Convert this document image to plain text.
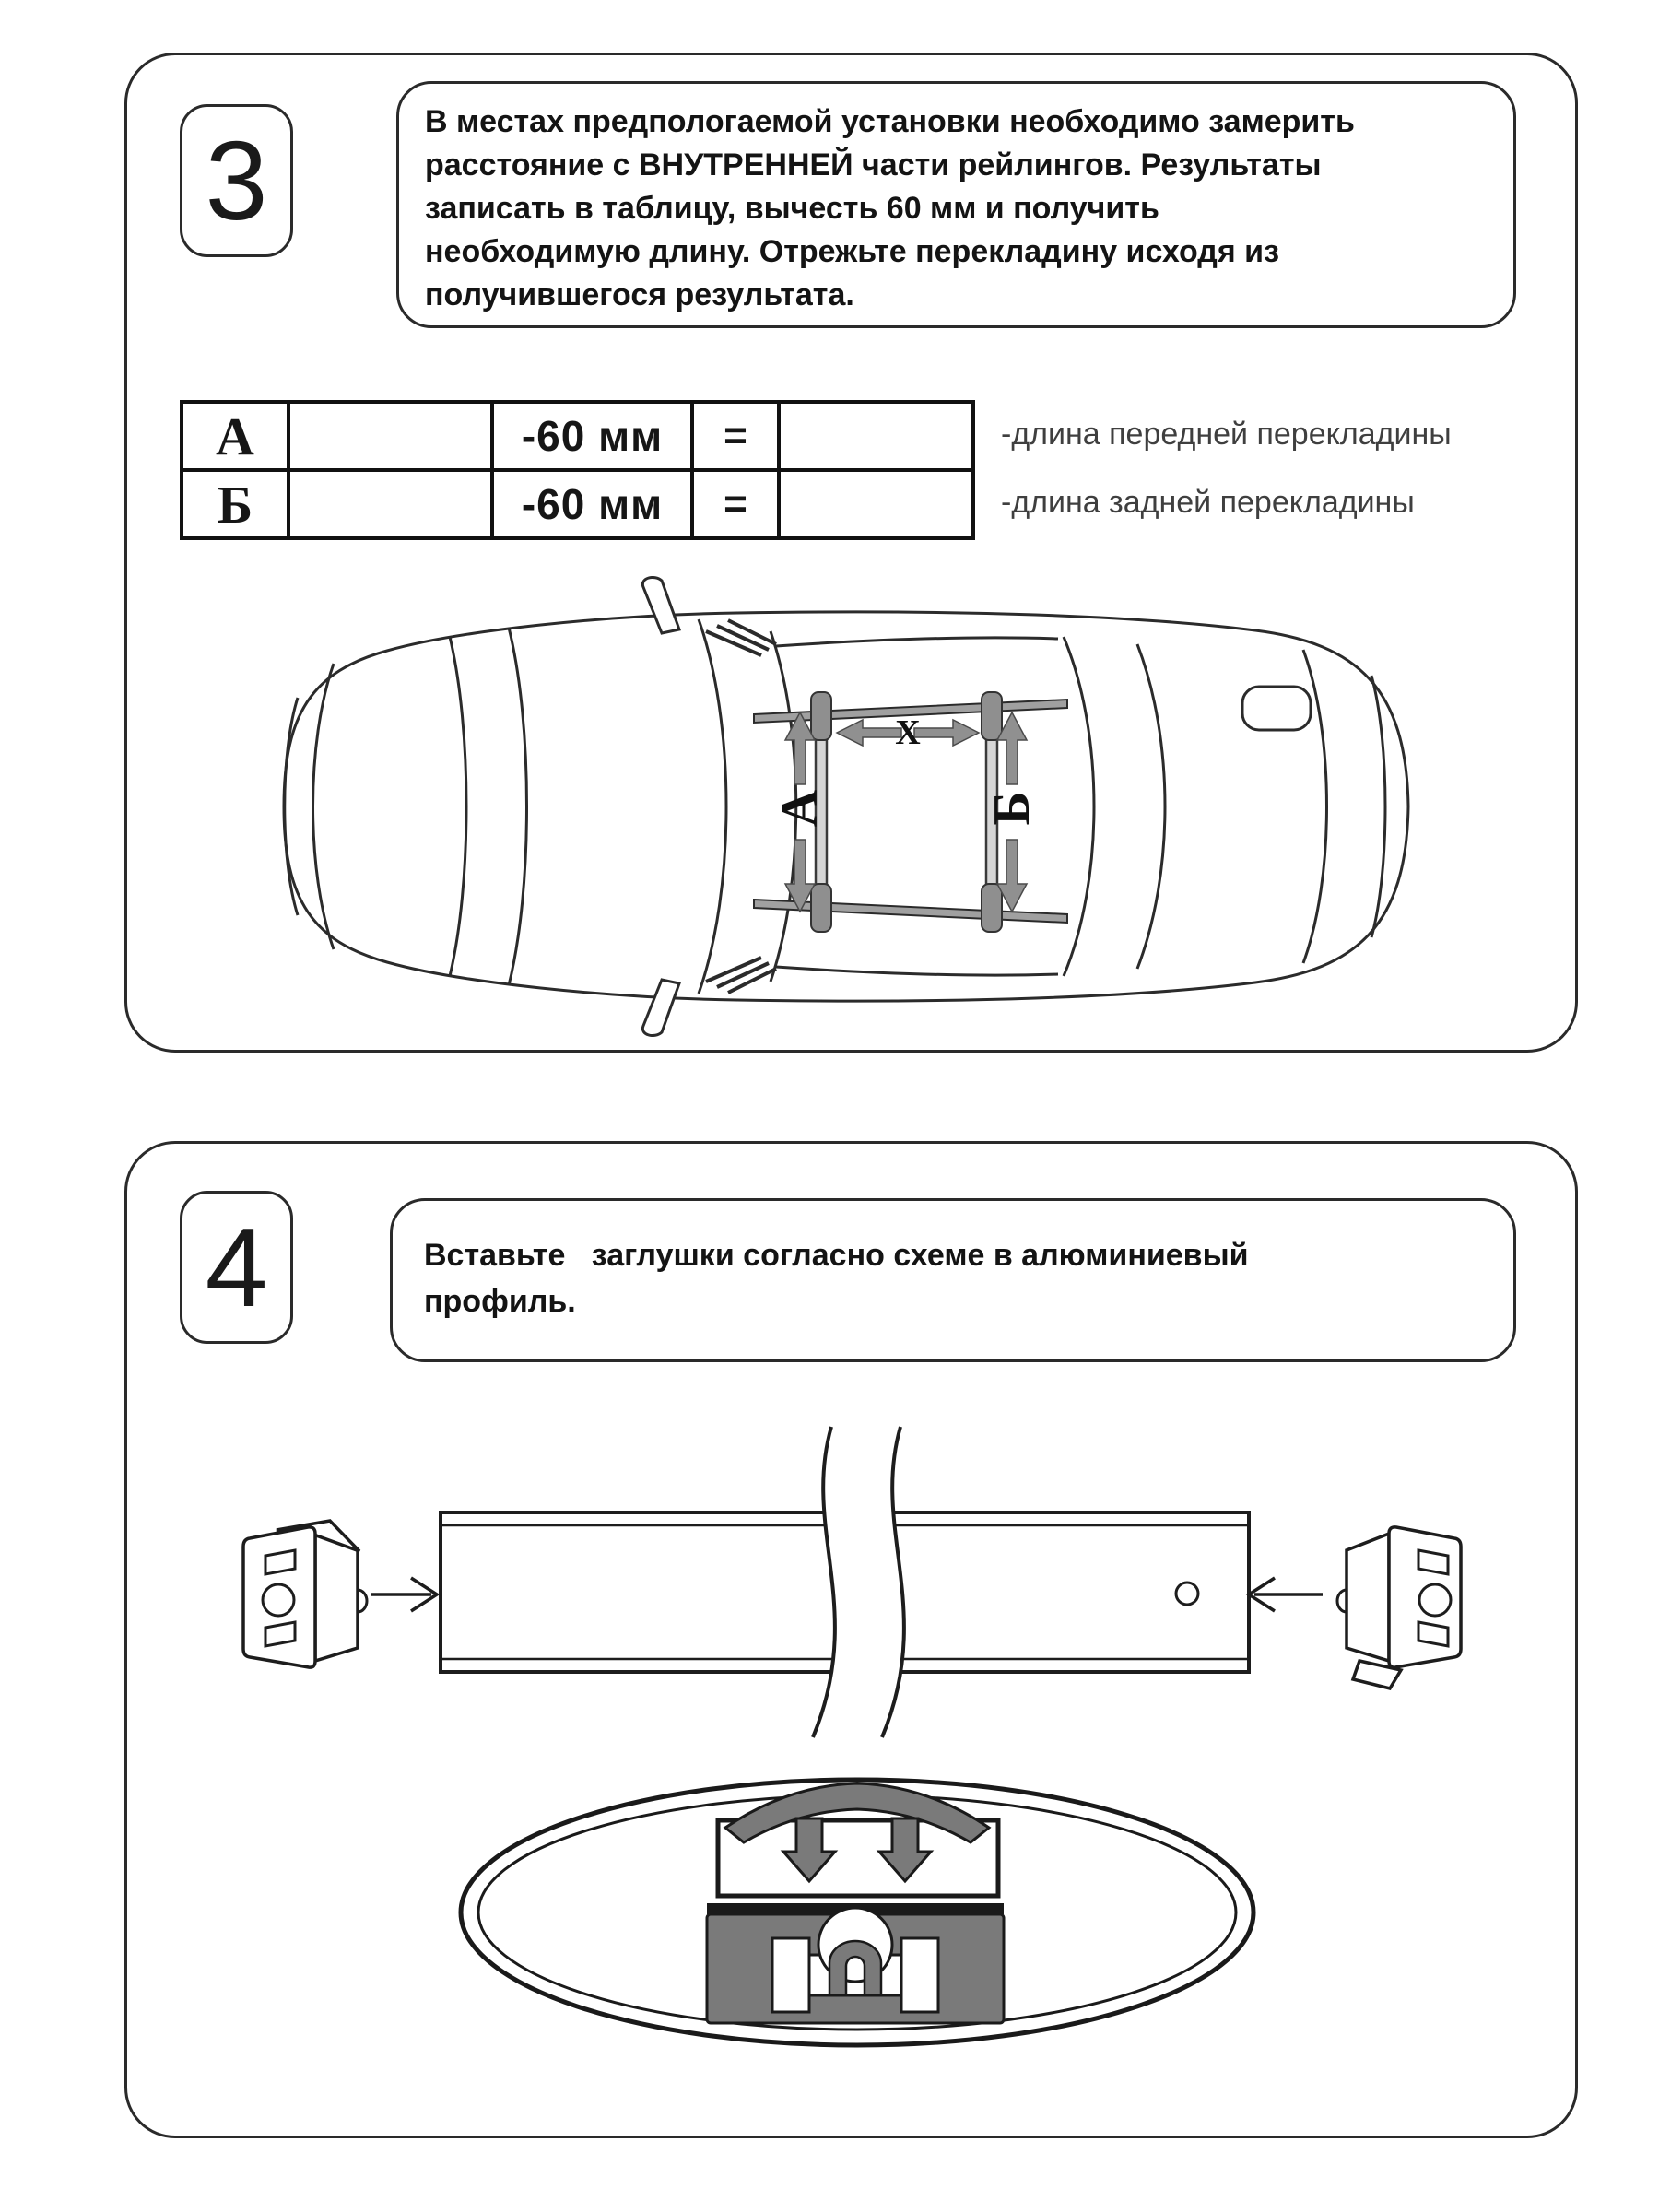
3	В местах предпологаемой установки необходимо замерить
расстояние с ВНУТРЕННЕЙ части рейлингов. Результаты
записать в таблицу, вычесть 60 мм и получить
необходимую длину. Отрежьте перекладину исходя из
получившегося результата.
А		-60 мм	=	
Б		-60 мм	=	
-длина передней перекладины
-длина задней перекладины
А	Б
X
4	Вставьте   заглушки согласно схеме в алюминиевый
профиль.
